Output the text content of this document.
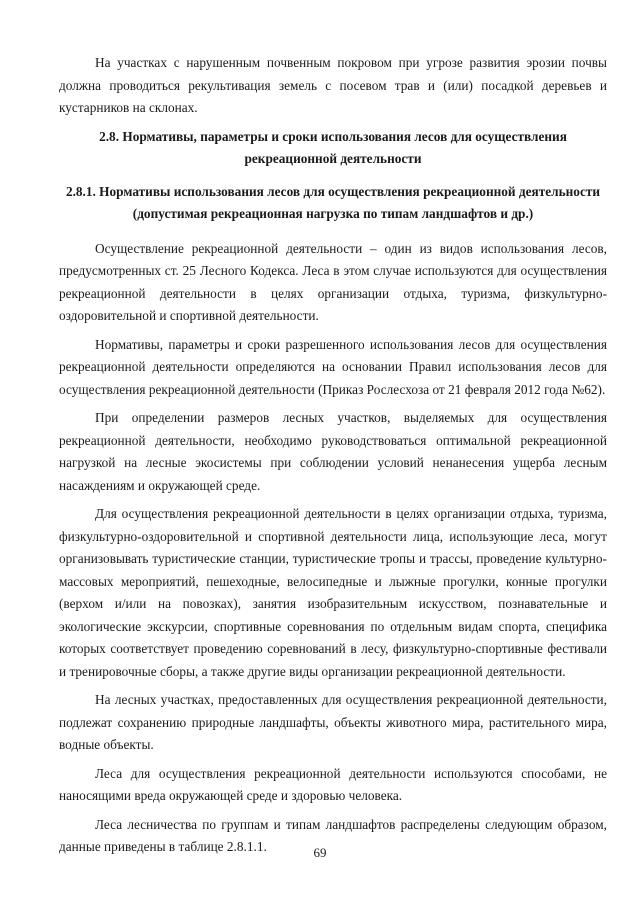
На участках с нарушенным почвенным покровом при угрозе развития эрозии почвы должна проводиться рекультивация земель с посевом трав и (или) посадкой деревьев и кустарников на склонах.

2.8. Нормативы, параметры и сроки использования лесов для осуществления рекреационной деятельности
2.8.1. Нормативы использования лесов для осуществления рекреационной деятельности (допустимая рекреационная нагрузка по типам ландшафтов и др.)

Осуществление рекреационной деятельности – один из видов использования лесов, предусмотренных ст. 25 Лесного Кодекса. Леса в этом случае используются для осуществления рекреационной деятельности в целях организации отдыха, туризма, физкультурно-оздоровительной и спортивной деятельности.

Нормативы, параметры и сроки разрешенного использования лесов для осуществления рекреационной деятельности определяются на основании Правил использования лесов для осуществления рекреационной деятельности (Приказ Рослесхоза от 21 февраля 2012 года №62).

При определении размеров лесных участков, выделяемых для осуществления рекреационной деятельности, необходимо руководствоваться оптимальной рекреационной нагрузкой на лесные экосистемы при соблюдении условий ненанесения ущерба лесным насаждениям и окружающей среде.

Для осуществления рекреационной деятельности в целях организации отдыха, туризма, физкультурно-оздоровительной и спортивной деятельности лица, использующие леса, могут организовывать туристические станции, туристические тропы и трассы, проведение культурно-массовых мероприятий, пешеходные, велосипедные и лыжные прогулки, конные прогулки (верхом и/или на повозках), занятия изобразительным искусством, познавательные и экологические экскурсии, спортивные соревнования по отдельным видам спорта, специфика которых соответствует проведению соревнований в лесу, физкультурно-спортивные фестивали и тренировочные сборы, а также другие виды организации рекреационной деятельности.

На лесных участках, предоставленных для осуществления рекреационной деятельности, подлежат сохранению природные ландшафты, объекты животного мира, растительного мира, водные объекты.

Леса для осуществления рекреационной деятельности используются способами, не наносящими вреда окружающей среде и здоровью человека.

Леса лесничества по группам и типам ландшафтов распределены следующим образом, данные приведены в таблице 2.8.1.1.	69
